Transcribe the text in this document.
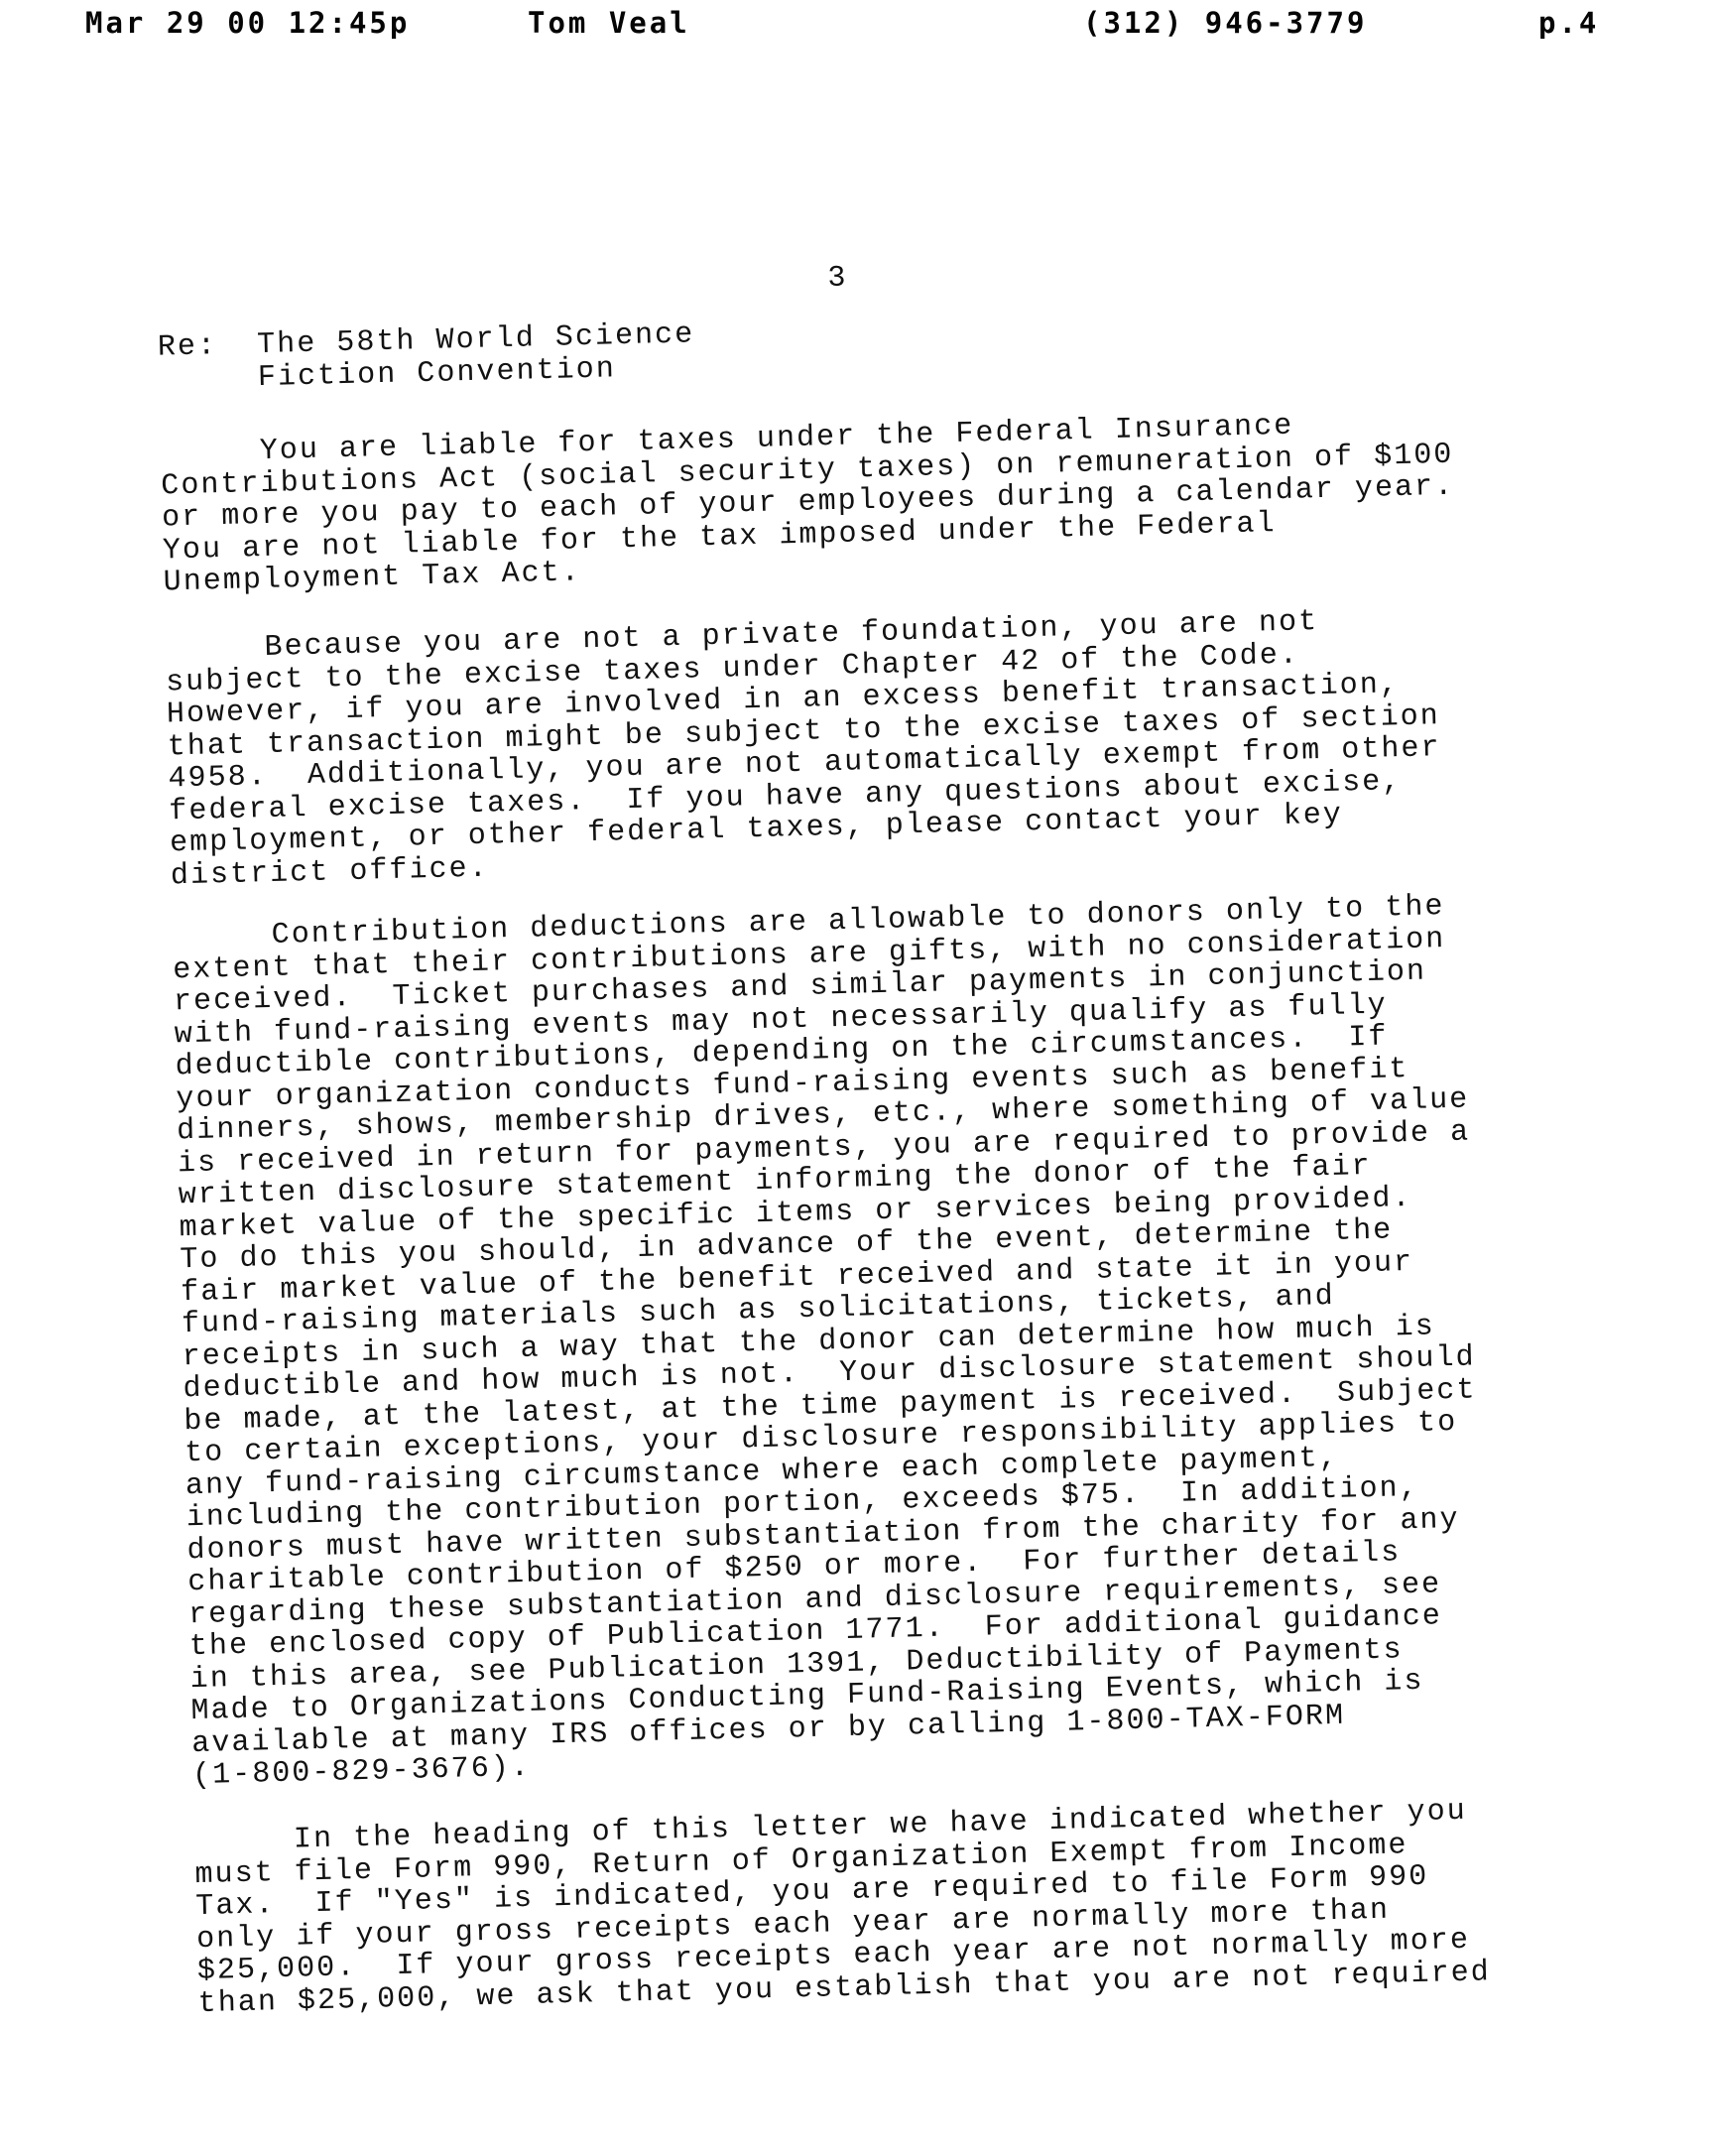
Mar 29 00 12:45p	Tom Veal	(312) 946-3779	p.4
3
Re:  The 58th World Science
Fiction Convention
You are liable for taxes under the Federal Insurance
Contributions Act (social security taxes) on remuneration of $100
or more you pay to each of your employees during a calendar year.
You are not liable for the tax imposed under the Federal
Unemployment Tax Act.
Because you are not a private foundation, you are not
subject to the excise taxes under Chapter 42 of the Code.
However, if you are involved in an excess benefit transaction,
that transaction might be subject to the excise taxes of section
4958.  Additionally, you are not automatically exempt from other
federal excise taxes.  If you have any questions about excise,
employment, or other federal taxes, please contact your key
district office.
Contribution deductions are allowable to donors only to the
extent that their contributions are gifts, with no consideration
received.  Ticket purchases and similar payments in conjunction
with fund-raising events may not necessarily qualify as fully
deductible contributions, depending on the circumstances.  If
your organization conducts fund-raising events such as benefit
dinners, shows, membership drives, etc., where something of value
is received in return for payments, you are required to provide a
written disclosure statement informing the donor of the fair
market value of the specific items or services being provided.
To do this you should, in advance of the event, determine the
fair market value of the benefit received and state it in your
fund-raising materials such as solicitations, tickets, and
receipts in such a way that the donor can determine how much is
deductible and how much is not.  Your disclosure statement should
be made, at the latest, at the time payment is received.  Subject
to certain exceptions, your disclosure responsibility applies to
any fund-raising circumstance where each complete payment,
including the contribution portion, exceeds $75.  In addition,
donors must have written substantiation from the charity for any
charitable contribution of $250 or more.  For further details
regarding these substantiation and disclosure requirements, see
the enclosed copy of Publication 1771.  For additional guidance
in this area, see Publication 1391, Deductibility of Payments
Made to Organizations Conducting Fund-Raising Events, which is
available at many IRS offices or by calling 1-800-TAX-FORM
(1-800-829-3676).
In the heading of this letter we have indicated whether you
must file Form 990, Return of Organization Exempt from Income
Tax.  If "Yes" is indicated, you are required to file Form 990
only if your gross receipts each year are normally more than
$25,000.  If your gross receipts each year are not normally more
than $25,000, we ask that you establish that you are not required
